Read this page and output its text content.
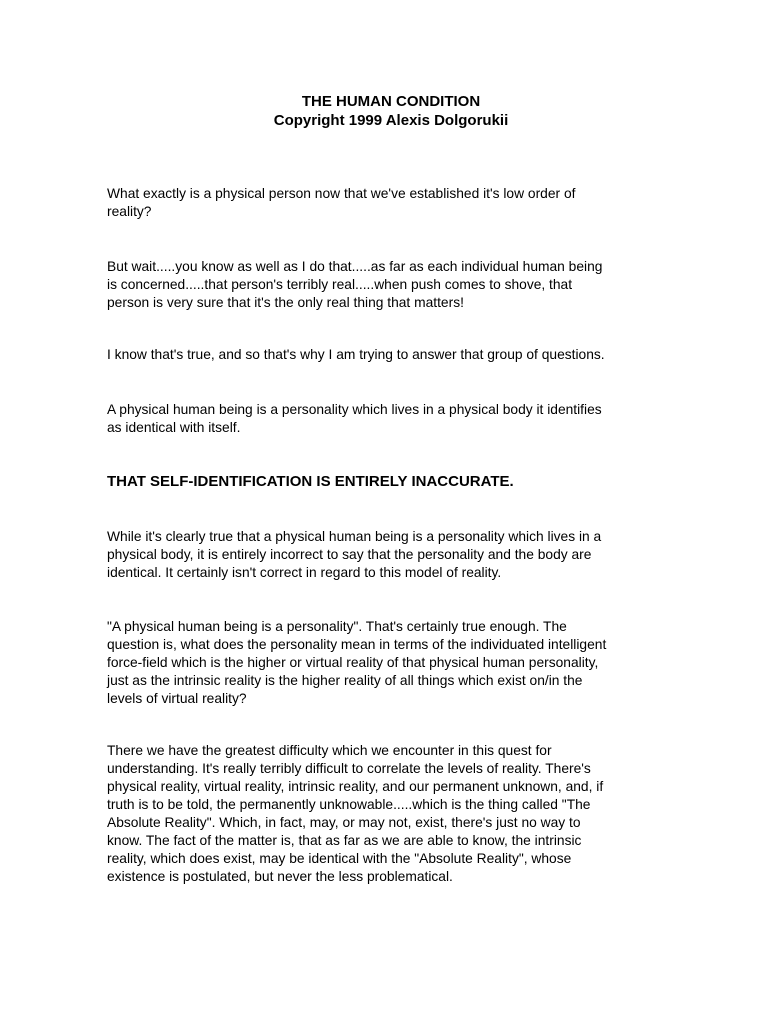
THE HUMAN CONDITION
Copyright 1999 Alexis Dolgorukii

What exactly is a physical person now that we've established it's low order of
reality?

But wait.....you know as well as I do that.....as far as each individual human being
is concerned.....that person's terribly real.....when push comes to shove, that
person is very sure that it's the only real thing that matters!

I know that's true, and so that's why I am trying to answer that group of questions.

A physical human being is a personality which lives in a physical body it identifies
as identical with itself.

THAT SELF-IDENTIFICATION IS ENTIRELY INACCURATE.

While it's clearly true that a physical human being is a personality which lives in a
physical body, it is entirely incorrect to say that the personality and the body are
identical. It certainly isn't correct in regard to this model of reality.

"A physical human being is a personality". That's certainly true enough. The
question is, what does the personality mean in terms of the individuated intelligent
force-field which is the higher or virtual reality of that physical human personality,
just as the intrinsic reality is the higher reality of all things which exist on/in the
levels of virtual reality?

There we have the greatest difficulty which we encounter in this quest for
understanding. It's really terribly difficult to correlate the levels of reality. There's
physical reality, virtual reality, intrinsic reality, and our permanent unknown, and, if
truth is to be told, the permanently unknowable.....which is the thing called "The
Absolute Reality". Which, in fact, may, or may not, exist, there's just no way to
know. The fact of the matter is, that as far as we are able to know, the intrinsic
reality, which does exist, may be identical with the "Absolute Reality", whose
existence is postulated, but never the less problematical.
